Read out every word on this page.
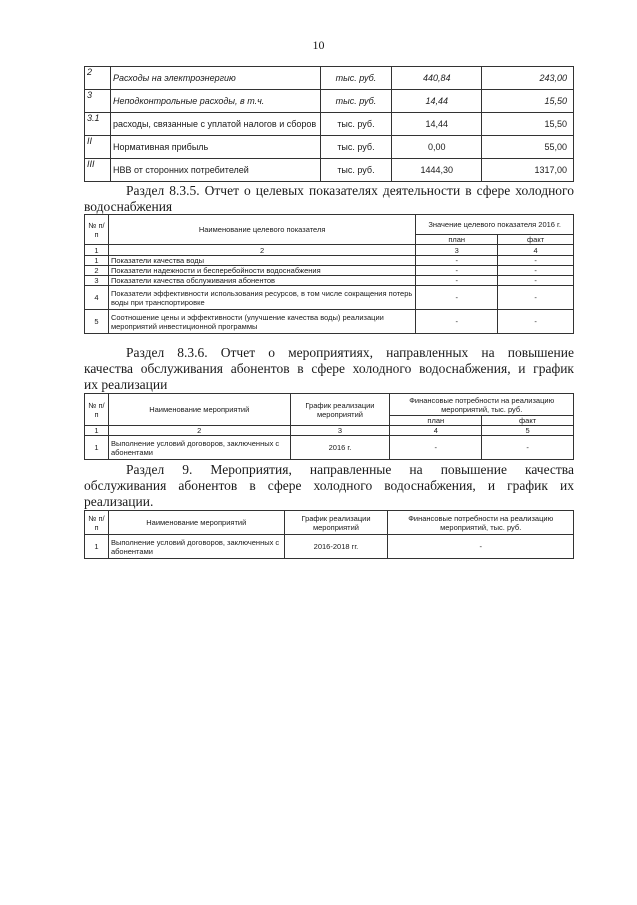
10
2	Расходы на электроэнергию	тыс. руб.	440,84	243,00
3	Неподконтрольные расходы, в т.ч.	тыс. руб.	14,44	15,50
3.1	расходы, связанные с уплатой налогов и сборов	тыс. руб.	14,44	15,50
II	Нормативная прибыль	тыс. руб.	0,00	55,00
III	НВВ от сторонних потребителей	тыс. руб.	1444,30	1317,00
Раздел 8.3.5. Отчет о целевых показателях деятельности в сфере холодного
водоснабжения
№ п/п	Наименование целевого показателя	Значение целевого показателя 2016 г.	
		план	факт
1	2	3	4
1	Показатели качества воды	-	-
2	Показатели надежности и бесперебойности водоснабжения	-	-
3	Показатели качества обслуживания абонентов	-	-
4	Показатели эффективности использования ресурсов, в том числе сокращения потерь воды при транспортировке	-	-
5	Соотношение цены и эффективности (улучшение качества воды) реализации мероприятий инвестиционной программы	-	-
Раздел 8.3.6. Отчет о мероприятиях, направленных на повышение
качества обслуживания абонентов в сфере холодного водоснабжения, и график
их реализации
№ п/п	Наименование мероприятий	График реализации мероприятий	Финансовые потребности на реализацию мероприятий, тыс. руб.	
			план	факт
1	2	3	4	5
1	Выполнение условий договоров, заключенных с абонентами	2016 г.	-	-
Раздел 9. Мероприятия, направленные на повышение качества
обслуживания абонентов в сфере холодного водоснабжения, и график их
реализации.
№ п/п	Наименование мероприятий	График реализации мероприятий	Финансовые потребности на реализацию мероприятий, тыс. руб.
1	Выполнение условий договоров, заключенных с абонентами	2016-2018 гг.	-
